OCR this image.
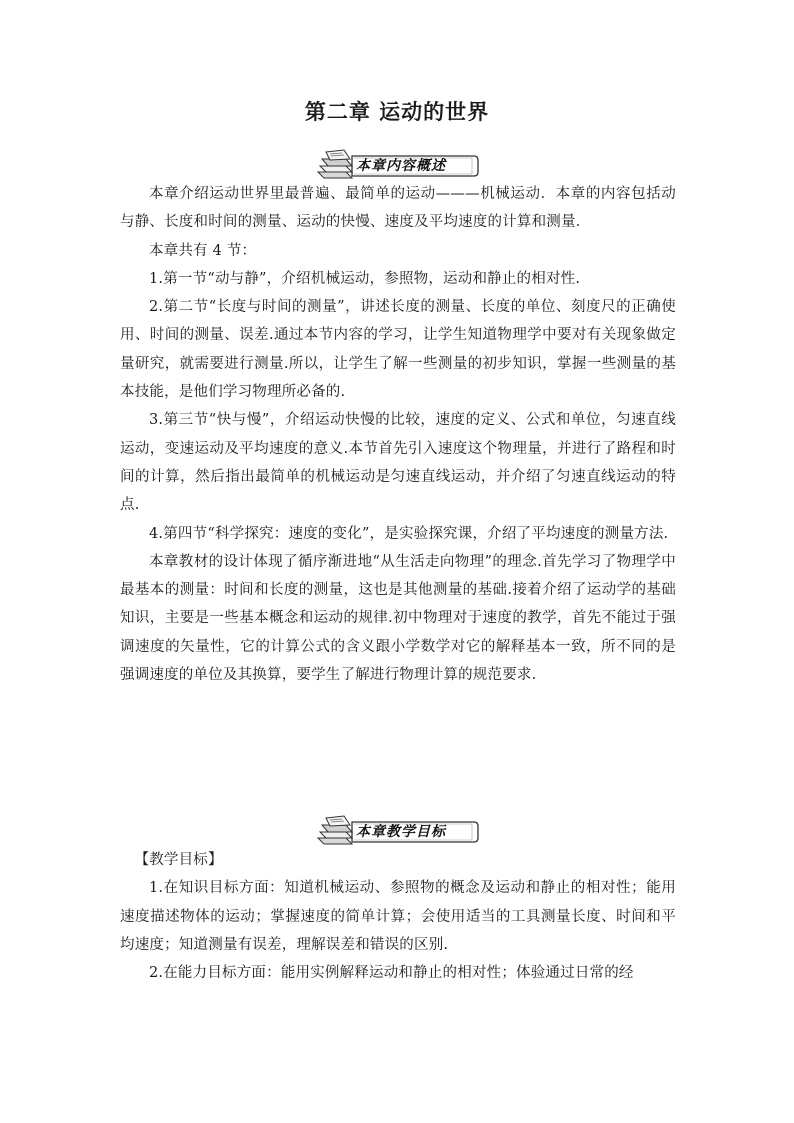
第二章 运动的世界
本章内容概述

本章介绍运动世界里最普遍、最简单的运动———机械运动．本章的内容包括动与静、长度和时间的测量、运动的快慢、速度及平均速度的计算和测量．

本章共有 4 节：

1.第一节“动与静”，介绍机械运动，参照物，运动和静止的相对性.

2.第二节“长度与时间的测量”，讲述长度的测量、长度的单位、刻度尺的正确使用、时间的测量、误差.通过本节内容的学习，让学生知道物理学中要对有关现象做定量研究，就需要进行测量.所以，让学生了解一些测量的初步知识，掌握一些测量的基本技能，是他们学习物理所必备的.

3.第三节“快与慢”，介绍运动快慢的比较，速度的定义、公式和单位，匀速直线运动，变速运动及平均速度的意义.本节首先引入速度这个物理量，并进行了路程和时间的计算，然后指出最简单的机械运动是匀速直线运动，并介绍了匀速直线运动的特点.

4.第四节“科学探究：速度的变化”，是实验探究课，介绍了平均速度的测量方法.

本章教材的设计体现了循序渐进地“从生活走向物理”的理念.首先学习了物理学中最基本的测量：时间和长度的测量，这也是其他测量的基础.接着介绍了运动学的基础知识，主要是一些基本概念和运动的规律.初中物理对于速度的教学，首先不能过于强调速度的矢量性，它的计算公式的含义跟小学数学对它的解释基本一致，所不同的是强调速度的单位及其换算，要学生了解进行物理计算的规范要求.

本章教学目标

【教学目标】

1.在知识目标方面：知道机械运动、参照物的概念及运动和静止的相对性；能用速度描述物体的运动；掌握速度的简单计算；会使用适当的工具测量长度、时间和平均速度；知道测量有误差，理解误差和错误的区别.

2.在能力目标方面：能用实例解释运动和静止的相对性；体验通过日常的经
